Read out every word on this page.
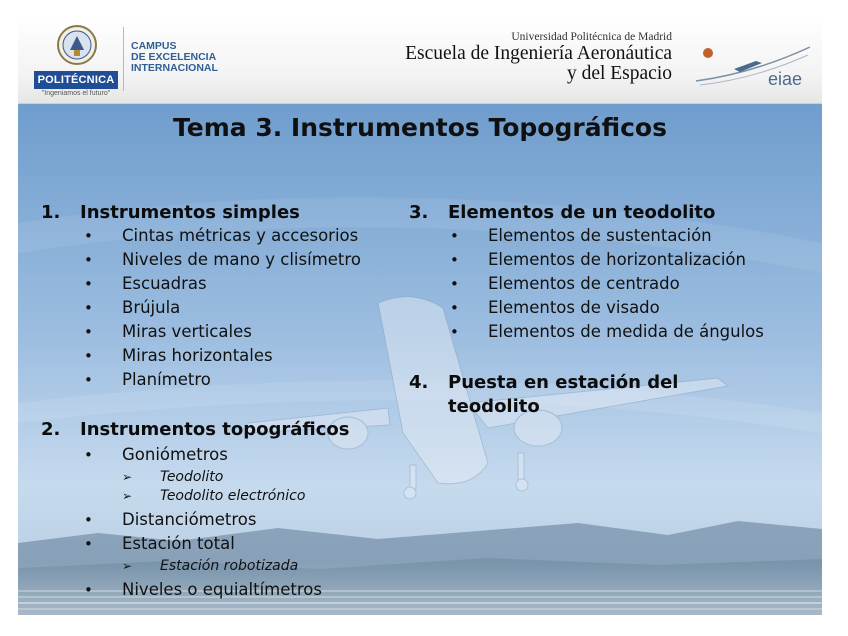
POLITÉCNICA
"Ingeniamos el futuro"
CAMPUS
DE EXCELENCIA
INTERNACIONAL
Universidad Politécnica de Madrid
Escuela de Ingeniería Aeronáutica
y del Espacio	eiae
Tema 3. Instrumentos Topográficos
1. Instrumentos simples
• Cintas métricas y accesorios
• Niveles de mano y clisímetro
• Escuadras
• Brújula
• Miras verticales
• Miras horizontales
• Planímetro
2. Instrumentos topográficos
• Goniómetros
➢ Teodolito
➢ Teodolito electrónico
• Distanciómetros
• Estación total
➢ Estación robotizada
• Niveles o equialtímetros
3. Elementos de un teodolito
• Elementos de sustentación
• Elementos de horizontalización
• Elementos de centrado
• Elementos de visado
• Elementos de medida de ángulos
4. Puesta en estación del
teodolito
